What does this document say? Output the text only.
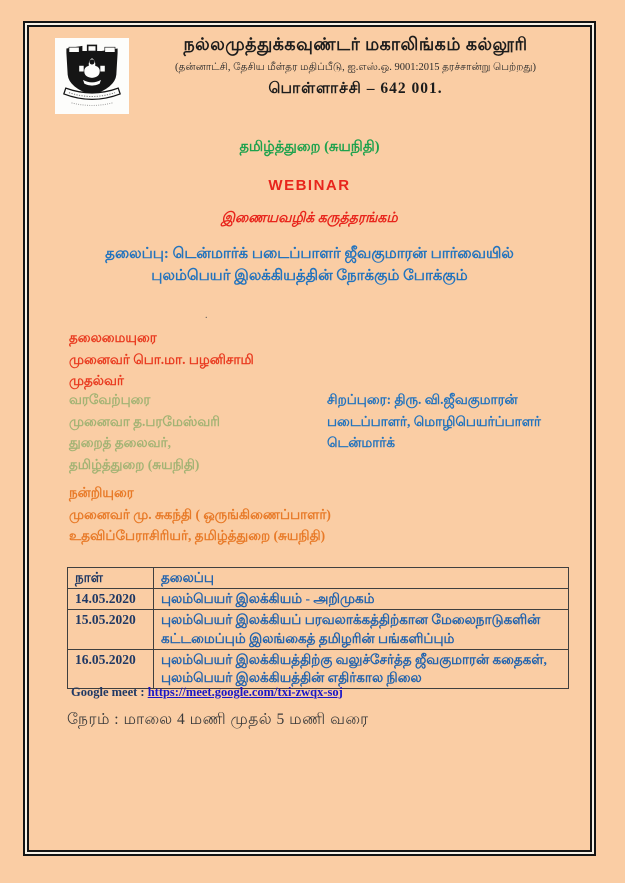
நல்லமுத்துக்கவுண்டர் மகாலிங்கம் கல்லூரி
(தன்னாட்சி, தேசிய மீள்தர மதிப்பீடு, ஐ.எஸ்.ஒ. 9001:2015 தரச்சான்று பெற்றது)
பொள்ளாச்சி – 642 001.
தமிழ்த்துறை (சுயநிதி)
WEBINAR
இணையவழிக் கருத்தரங்கம்
தலைப்பு: டென்மார்க் படைப்பாளர் ஜீவகுமாரன் பார்வையில்
புலம்பெயர் இலக்கியத்தின் நோக்கும் போக்கும்
.
தலைமையுரை
முனைவர் பொ.மா. பழனிசாமி
முதல்வர்
வரவேற்புரை
முனைவா த.பரமேஸ்வரி
துறைத் தலைவர்,
தமிழ்த்துறை (சுயநிதி)
சிறப்புரை: திரு. வி.ஜீவகுமாரன்
படைப்பாளர், மொழிபெயர்ப்பாளர்
டென்மார்க்
நன்றியுரை
முனைவர் மு. சுகந்தி ( ஒருங்கிணைப்பாளர்)
உதவிப்பேராசிரியர், தமிழ்த்துறை (சுயநிதி)
நாள்	தலைப்பு
14.05.2020	புலம்பெயர் இலக்கியம் - அறிமுகம்
15.05.2020	புலம்பெயர் இலக்கியப் பரவலாக்கத்திற்கான மேலைநாடுகளின் கட்டமைப்பும் இலங்கைத் தமிழரின் பங்களிப்பும்
16.05.2020	புலம்பெயர் இலக்கியத்திற்கு வலுச்சேர்த்த ஜீவகுமாரன் கதைகள், புலம்பெயர் இலக்கியத்தின் எதிர்கால நிலை
Google meet : https://meet.google.com/txi-zwqx-soj
நேரம் : மாலை 4 மணி முதல் 5 மணி வரை
